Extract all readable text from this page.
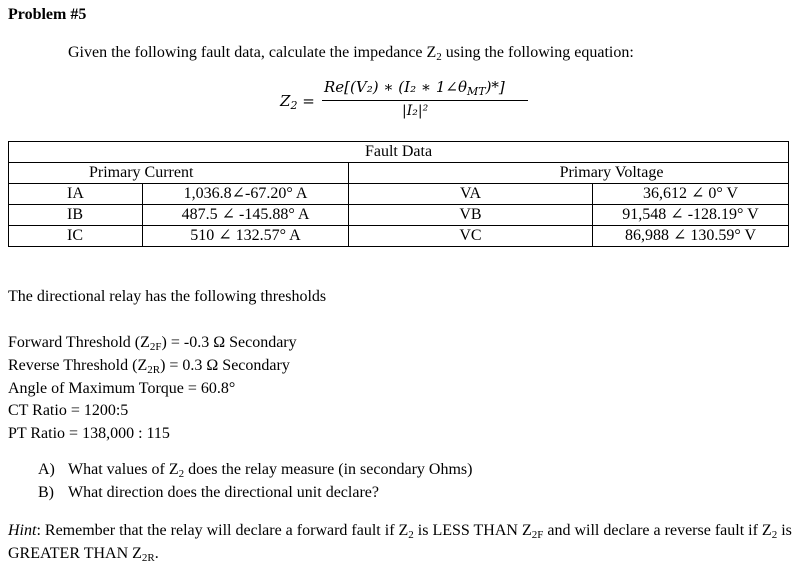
Problem #5
Given the following fault data, calculate the impedance $Z_2$ using the following equation:
$Z_2$ =
Re[(V₂) ∗ (I₂ ∗ $1\angle\theta_{MT})*$]
|I₂|²
Fault Data			
Primary Current		Primary Voltage	
IA	1,036.8∠-67.20° A	VA	36,612 ∠ 0° V
IB	487.5 ∠ -145.88° A	VB	91,548 ∠ -128.19° V
IC	510 ∠ 132.57° A	VC	86,988 ∠ 130.59° V
The directional relay has the following thresholds
Forward Threshold $(Z_{2F}) = -0.3$ Ω Secondary
Reverse Threshold $(Z_{2R}) = 0.3$ Ω Secondary
Angle of Maximum Torque = 60.8°
CT Ratio = 1200:5
PT Ratio = 138,000 : 115
A) What values of $Z_2$ does the relay measure (in secondary Ohms)
B) What direction does the directional unit declare?
Hint: Remember that the relay will declare a forward fault if $Z_2$ is LESS THAN $Z_{2F}$ and will declare a reverse fault if $Z_2$ is GREATER THAN $Z_{2R}$.
